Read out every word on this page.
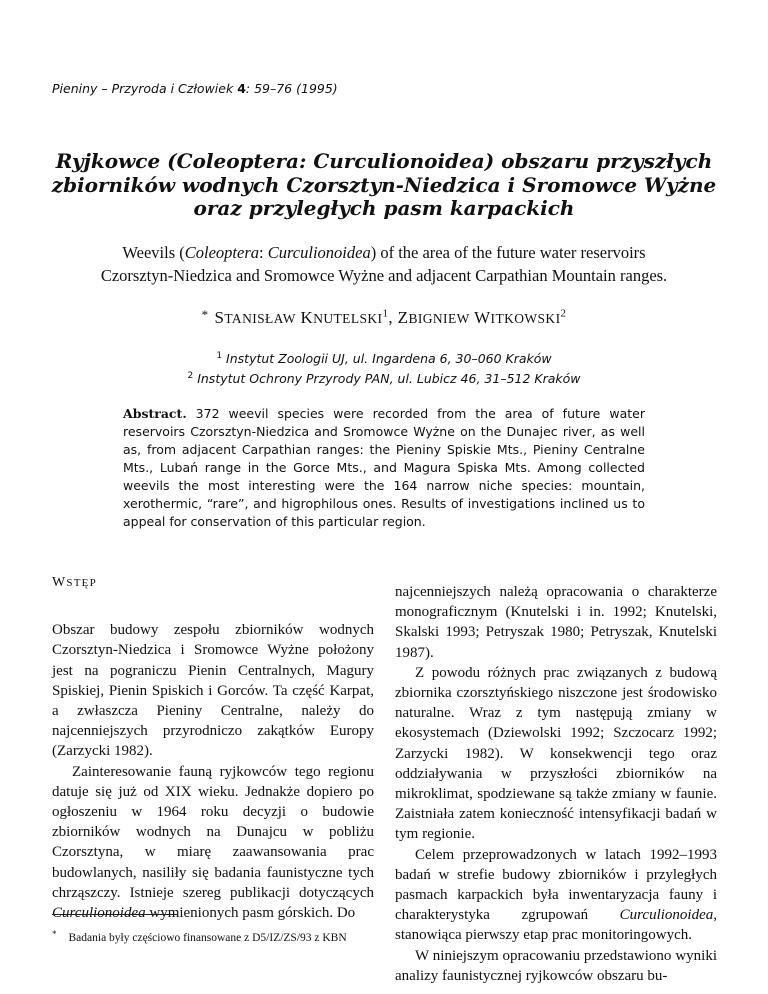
Pieniny – Przyroda i Człowiek 4: 59–76 (1995)
Ryjkowce (Coleoptera: Curculionoidea) obszaru przyszłych
zbiorników wodnych Czorsztyn-Niedzica i Sromowce Wyżne
oraz przyległych pasm karpackich
Weevils (Coleoptera: Curculionoidea) of the area of the future water reservoirs
Czorsztyn-Niedzica and Sromowce Wyżne and adjacent Carpathian Mountain ranges.
* STANISŁAW KNUTELSKI$^1$, ZBIGNIEW WITKOWSKI$^2$
$^1$ Instytut Zoologii UJ, ul. Ingardena 6, 30–060 Kraków
$^2$ Instytut Ochrony Przyrody PAN, ul. Lubicz 46, 31–512 Kraków
Abstract. 372 weevil species were recorded from the area of future water reservoirs Czorsztyn-Niedzica and Sromowce Wyżne on the Dunajec river, as well as, from adjacent Carpathian ranges: the Pieniny Spiskie Mts., Pieniny Centralne Mts., Lubań range in the Gorce Mts., and Magura Spiska Mts. Among collected weevils the most interesting were the 164 narrow niche species: mountain, xerothermic, “rare”, and higrophilous ones. Results of investigations inclined us to appeal for conservation of this particular region.
WSTĘP

Obszar budowy zespołu zbiorników wodnych Czorsztyn-Niedzica i Sromowce Wyżne położony jest na pograniczu Pienin Centralnych, Magury Spiskiej, Pienin Spiskich i Gorców. Ta część Karpat, a zwłaszcza Pieniny Centralne, należy do najcenniejszych przyrodniczo zakątków Europy (Zarzycki 1982).

Zainteresowanie fauną ryjkowców tego regionu datuje się już od XIX wieku. Jednakże dopiero po ogłoszeniu w 1964 roku decyzji o budowie zbiorników wodnych na Dunajcu w pobliżu Czorsztyna, w miarę zaawansowania prac budowlanych, nasiliły się badania faunistyczne tych chrząszczy. Istnieje szereg publikacji dotyczących Curculionoidea wymienionych pasm górskich. Do

najcenniejszych należą opracowania o charakterze monograficznym (Knutelski i in. 1992; Knutelski, Skalski 1993; Petryszak 1980; Petryszak, Knutelski 1987).

Z powodu różnych prac związanych z budową zbiornika czorsztyńskiego niszczone jest środowisko naturalne. Wraz z tym następują zmiany w ekosystemach (Dziewolski 1992; Szczocarz 1992; Zarzycki 1982). W konsekwencji tego oraz oddziaływania w przyszłości zbiorników na mikroklimat, spodziewane są także zmiany w faunie. Zaistniała zatem konieczność intensyfikacji badań w tym regionie.

Celem przeprowadzonych w latach 1992–1993 badań w strefie budowy zbiorników i przyległych pasmach karpackich była inwentaryzacja fauny i charakterystyka zgrupowań Curculionoidea, stanowiąca pierwszy etap prac monitoringowych.

W niniejszym opracowaniu przedstawiono wyniki analizy faunistycznej ryjkowców obszaru bu-

* Badania były częściowo finansowane z D5/IZ/ZS/93 z KBN
